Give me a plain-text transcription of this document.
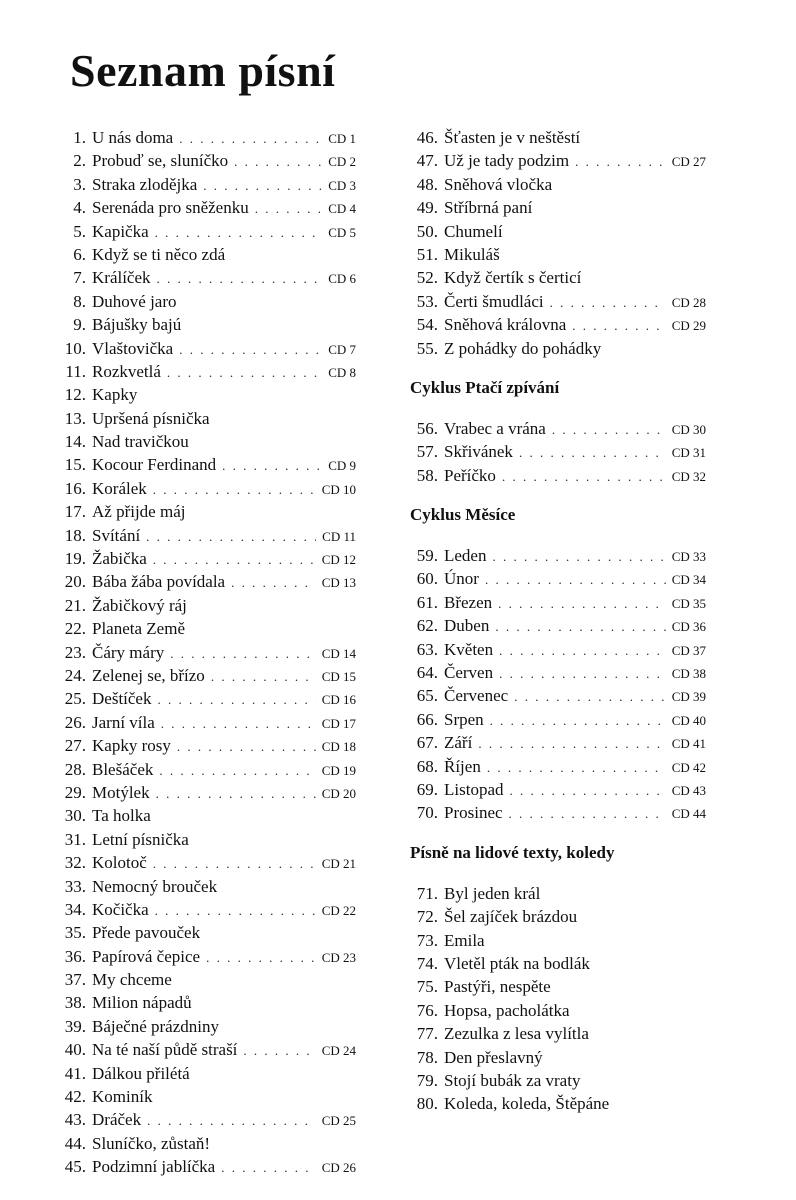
Seznam písní
1. U nás doma . . .	CD 1
2. Probuď se, sluníčko . . .	CD 2
3. Straka zlodějka . . .	CD 3
4. Serenáda pro sněženku . . .	CD 4
5. Kapička . . .	CD 5
6. Když se ti něco zdá
7. Králíček . . .	CD 6
8. Duhové jaro
9. Bájušky bajú
10. Vlaštovička . . .	CD 7
11. Rozkvetlá . . .	CD 8
12. Kapky
13. Upršená písnička
14. Nad travičkou
15. Kocour Ferdinand . . .	CD 9
16. Korálek . . .	CD 10
17. Až přijde máj
18. Svítání . . .	CD 11
19. Žabička . . .	CD 12
20. Bába žába povídala . . .	CD 13
21. Žabičkový ráj
22. Planeta Země
23. Čáry máry . . .	CD 14
24. Zelenej se, břízo . . .	CD 15
25. Deštíček . . .	CD 16
26. Jarní víla . . .	CD 17
27. Kapky rosy . . .	CD 18
28. Blešáček . . .	CD 19
29. Motýlek . . .	CD 20
30. Ta holka
31. Letní písnička
32. Kolotoč . . .	CD 21
33. Nemocný brouček
34. Kočička . . .	CD 22
35. Přede pavouček
36. Papírová čepice . . .	CD 23
37. My chceme
38. Milion nápadů
39. Báječné prázdniny
40. Na té naší půdě straší . . .	CD 24
41. Dálkou přilétá
42. Kominík
43. Dráček . . .	CD 25
44. Sluníčko, zůstaň!
45. Podzimní jablíčka . . .	CD 26
46. Šťasten je v neštěstí
47. Už je tady podzim . . .	CD 27
48. Sněhová vločka
49. Stříbrná paní
50. Chumelí
51. Mikuláš
52. Když čertík s čerticí
53. Čerti šmudláci . . .	CD 28
54. Sněhová královna . . .	CD 29
55. Z pohádky do pohádky
Cyklus Ptačí zpívání
56. Vrabec a vrána . . .	CD 30
57. Skřivánek . . .	CD 31
58. Peříčko . . .	CD 32
Cyklus Měsíce
59. Leden . . .	CD 33
60. Únor . . .	CD 34
61. Březen . . .	CD 35
62. Duben . . .	CD 36
63. Květen . . .	CD 37
64. Červen . . .	CD 38
65. Červenec . . .	CD 39
66. Srpen . . .	CD 40
67. Září . . .	CD 41
68. Říjen . . .	CD 42
69. Listopad . . .	CD 43
70. Prosinec . . .	CD 44
Písně na lidové texty, koledy
71. Byl jeden král
72. Šel zajíček brázdou
73. Emila
74. Vletěl pták na bodlák
75. Pastýři, nespěte
76. Hopsa, pacholátka
77. Zezulka z lesa vylítla
78. Den přeslavný
79. Stojí bubák za vraty
80. Koleda, koleda, Štěpáne
